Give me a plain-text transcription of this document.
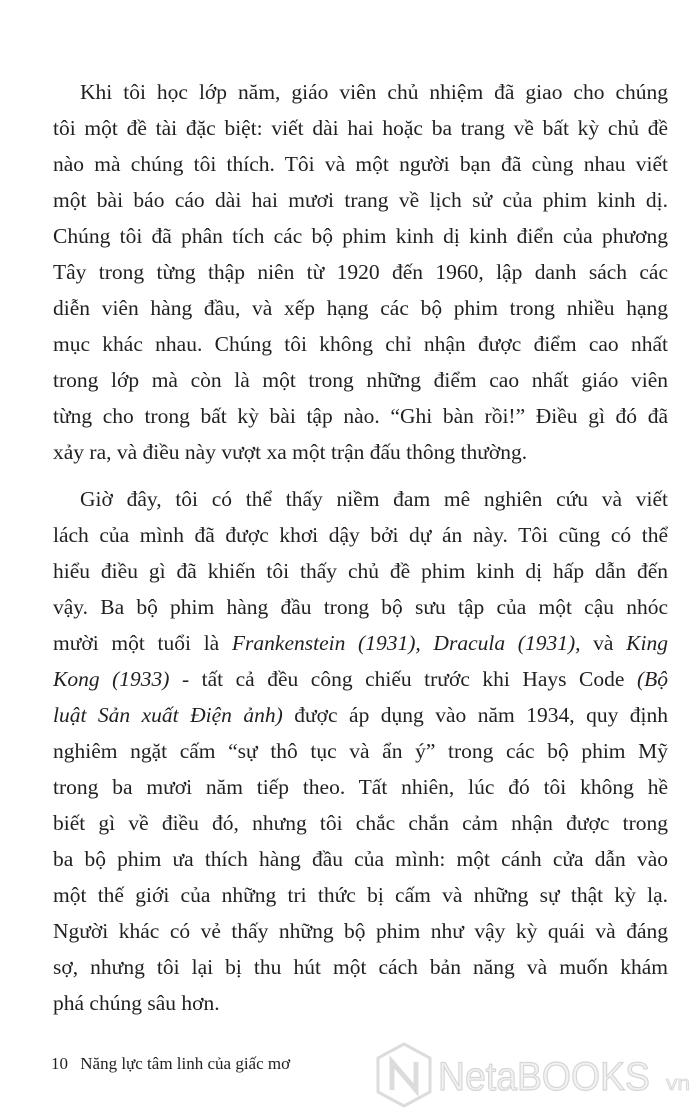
Khi tôi học lớp năm, giáo viên chủ nhiệm đã giao cho chúng
tôi một đề tài đặc biệt: viết dài hai hoặc ba trang về bất kỳ chủ đề
nào mà chúng tôi thích. Tôi và một người bạn đã cùng nhau viết
một bài báo cáo dài hai mươi trang về lịch sử của phim kinh dị.
Chúng tôi đã phân tích các bộ phim kinh dị kinh điển của phương
Tây trong từng thập niên từ 1920 đến 1960, lập danh sách các
diễn viên hàng đầu, và xếp hạng các bộ phim trong nhiều hạng
mục khác nhau. Chúng tôi không chỉ nhận được điểm cao nhất
trong lớp mà còn là một trong những điểm cao nhất giáo viên
từng cho trong bất kỳ bài tập nào. “Ghi bàn rồi!” Điều gì đó đã
xảy ra, và điều này vượt xa một trận đấu thông thường.
Giờ đây, tôi có thể thấy niềm đam mê nghiên cứu và viết
lách của mình đã được khơi dậy bởi dự án này. Tôi cũng có thể
hiểu điều gì đã khiến tôi thấy chủ đề phim kinh dị hấp dẫn đến
vậy. Ba bộ phim hàng đầu trong bộ sưu tập của một cậu nhóc
mười một tuổi là Frankenstein (1931), Dracula (1931), và King
Kong (1933) - tất cả đều công chiếu trước khi Hays Code (Bộ
luật Sản xuất Điện ảnh) được áp dụng vào năm 1934, quy định
nghiêm ngặt cấm “sự thô tục và ẩn ý” trong các bộ phim Mỹ
trong ba mươi năm tiếp theo. Tất nhiên, lúc đó tôi không hề
biết gì về điều đó, nhưng tôi chắc chắn cảm nhận được trong
ba bộ phim ưa thích hàng đầu của mình: một cánh cửa dẫn vào
một thế giới của những tri thức bị cấm và những sự thật kỳ lạ.
Người khác có vẻ thấy những bộ phim như vậy kỳ quái và đáng
sợ, nhưng tôi lại bị thu hút một cách bản năng và muốn khám
phá chúng sâu hơn.
10 Năng lực tâm linh của giấc mơ	NetaBOOKS vn
